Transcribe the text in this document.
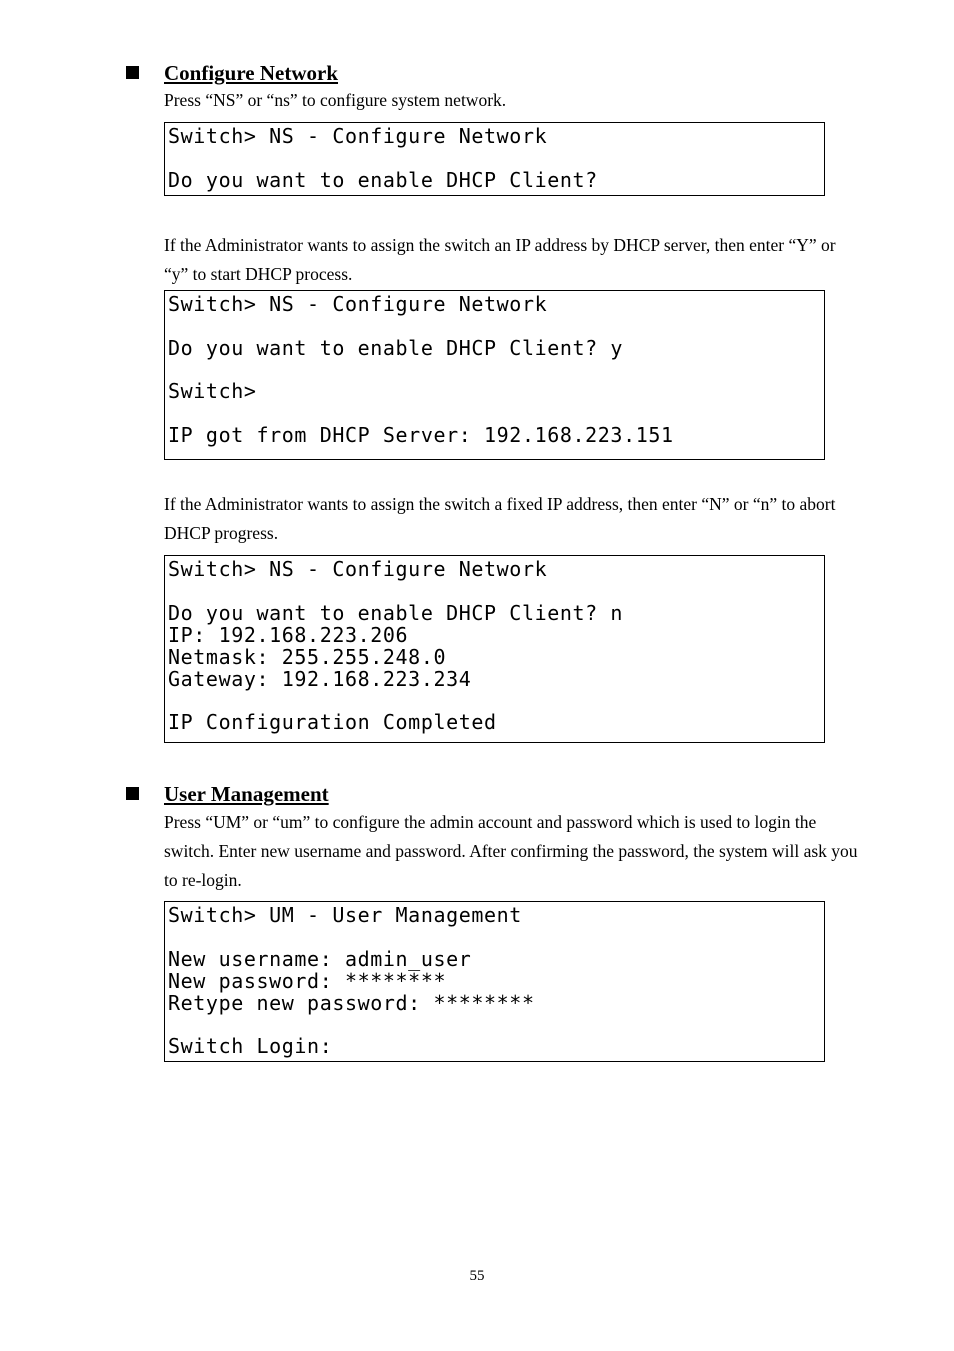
Configure Network

Press “NS” or “ns” to configure system network.

Switch> NS - Configure Network
Do you want to enable DHCP Client?

If the Administrator wants to assign the switch an IP address by DHCP server, then enter “Y” or “y” to start DHCP process.

Switch> NS - Configure Network
Do you want to enable DHCP Client? y
Switch>
IP got from DHCP Server: 192.168.223.151

If the Administrator wants to assign the switch a fixed IP address, then enter “N” or “n” to abort DHCP progress.

Switch> NS - Configure Network
Do you want to enable DHCP Client? n
IP: 192.168.223.206
Netmask: 255.255.248.0
Gateway: 192.168.223.234
IP Configuration Completed
User Management

Press “UM” or “um” to configure the admin account and password which is used to login the switch. Enter new username and password. After confirming the password, the system will ask you to re-login.

Switch> UM - User Management
New username: admin_user
New password: ********
Retype new password: ********
Switch Login:
55
